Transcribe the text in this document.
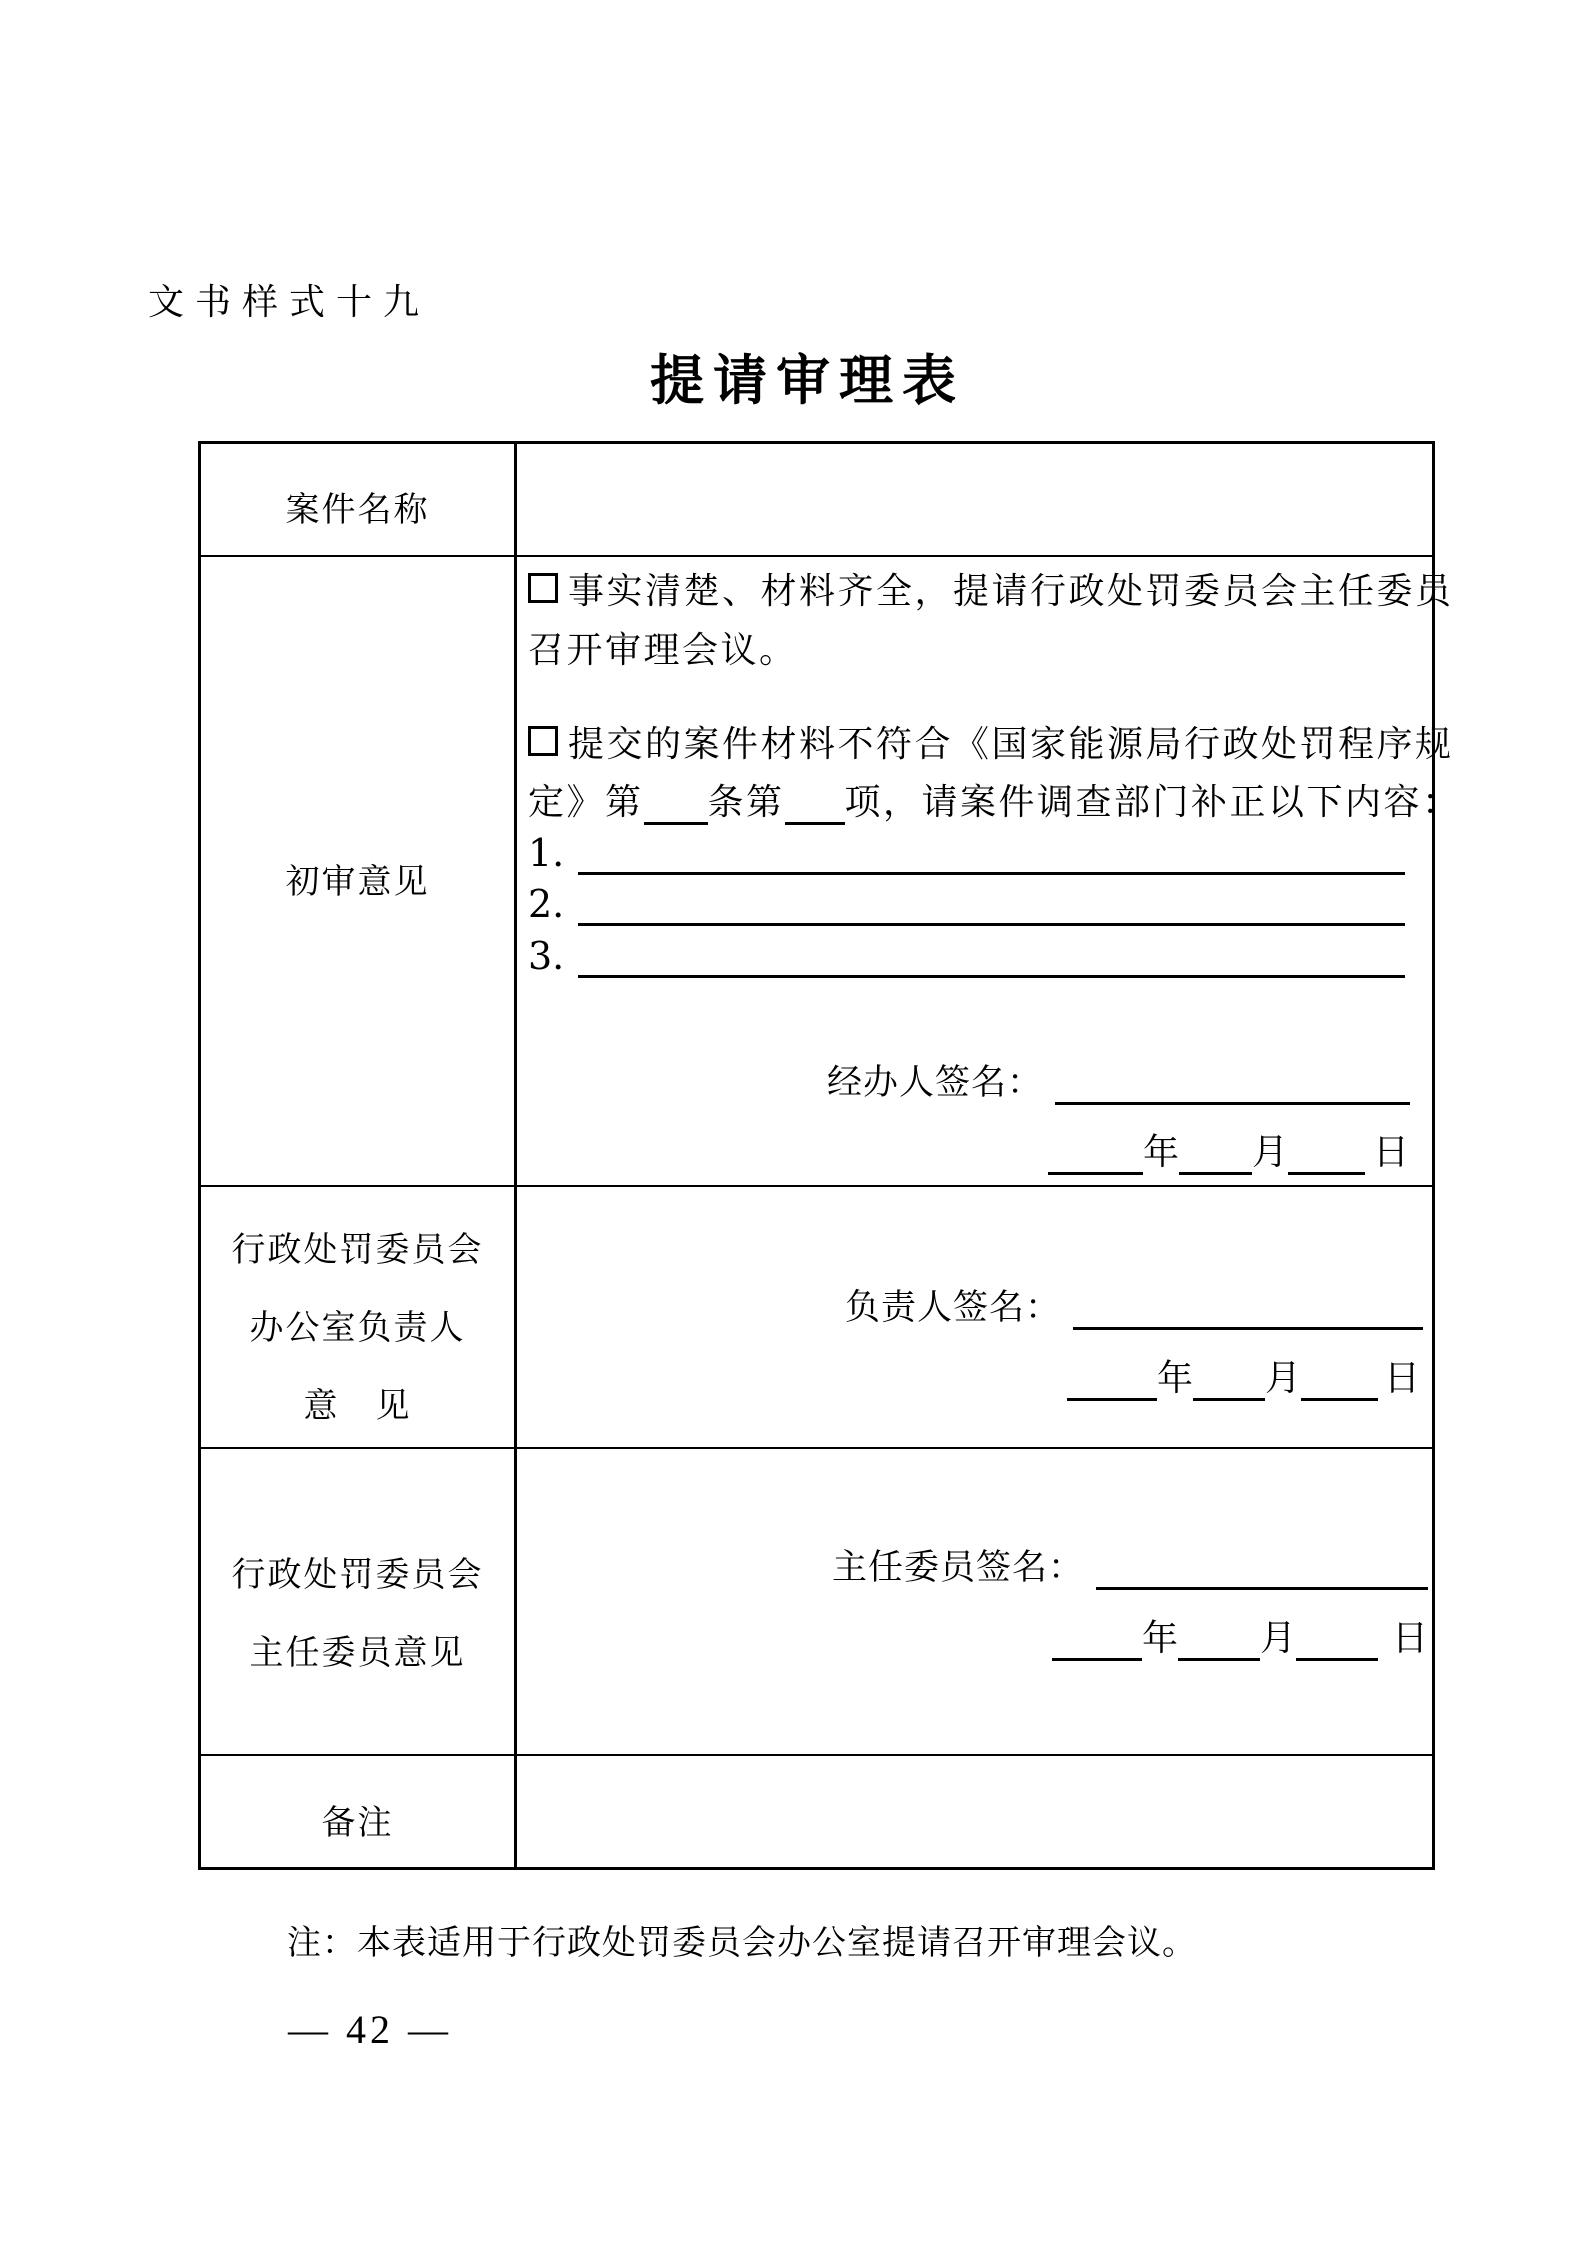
文书样式十九
提请审理表
案件名称
初审意见
行政处罚委员会
办公室负责人
意　见
行政处罚委员会
主任委员意见
备注
事实清楚、材料齐全，提请行政处罚委员会主任委员
召开审理会议。
提交的案件材料不符合《国家能源局行政处罚程序规
定》第 条第 项，请案件调查部门补正以下内容：
1.
2.
3.
经办人签名：
年 月 日
负责人签名：
年 月 日
主任委员签名：
年 月	日
注：本表适用于行政处罚委员会办公室提请召开审理会议。
— 42 —
